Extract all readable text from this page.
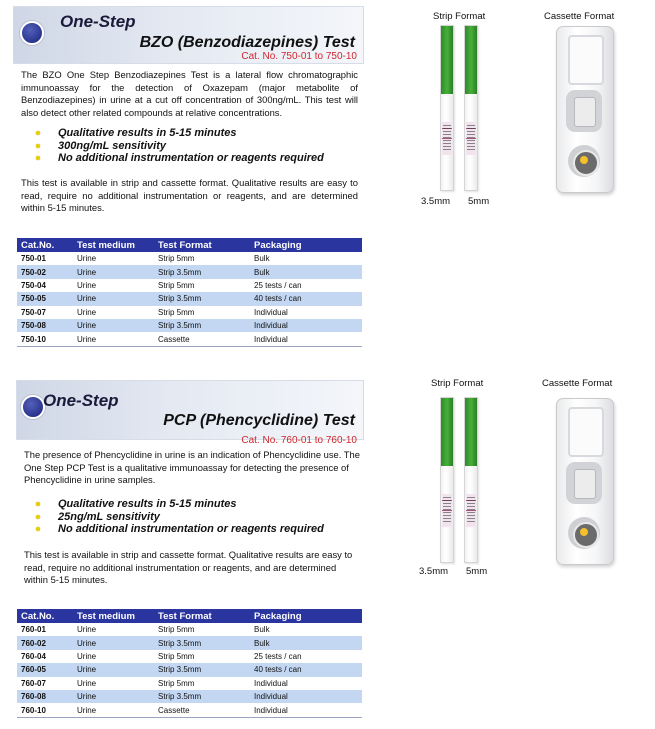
One-Step
BZO (Benzodiazepines) Test
Cat. No. 750-01 to 750-10
The BZO One Step Benzodiazepines Test is a lateral flow chromatographic immunoassay for the detection of Oxazepam (major metabolite of Benzodiazepines) in urine at a cut off concentration of 300ng/mL. This test will also detect other related compounds at relative concentrations.
Qualitative results in 5-15 minutes
300ng/mL sensitivity
No additional instrumentation or reagents required
This test is available in strip and cassette format. Qualitative results are easy to read, require no additional instrumentation or reagents, and are determined within 5-15 minutes.
Cat.No.	Test medium	Test Format	Packaging
750-01	Urine	Strip 5mm	Bulk
750-02	Urine	Strip 3.5mm	Bulk
750-04	Urine	Strip 5mm	25 tests / can
750-05	Urine	Strip 3.5mm	40 tests / can
750-07	Urine	Strip 5mm	Individual
750-08	Urine	Strip 3.5mm	Individual
750-10	Urine	Cassette	Individual
Strip Format	Cassette Format
3.5mm 5mm
One-Step
PCP (Phencyclidine) Test
Cat. No. 760-01 to 760-10
The presence of Phencyclidine in urine is an indication of Phencyclidine use. The One Step PCP Test is a qualitative immunoassay for detecting the presence of Phencyclidine in urine samples.
Qualitative results in 5-15 minutes
25ng/mL sensitivity
No additional instrumentation or reagents required
This test is available in strip and cassette format. Qualitative results are easy to read, require no additional instrumentation or reagents, and are determined within 5-15 minutes.
Cat.No.	Test medium	Test Format	Packaging
760-01	Urine	Strip 5mm	Bulk
760-02	Urine	Strip 3.5mm	Bulk
760-04	Urine	Strip 5mm	25 tests / can
760-05	Urine	Strip 3.5mm	40 tests / can
760-07	Urine	Strip 5mm	Individual
760-08	Urine	Strip 3.5mm	Individual
760-10	Urine	Cassette	Individual
Strip Format	Cassette Format
3.5mm 5mm
